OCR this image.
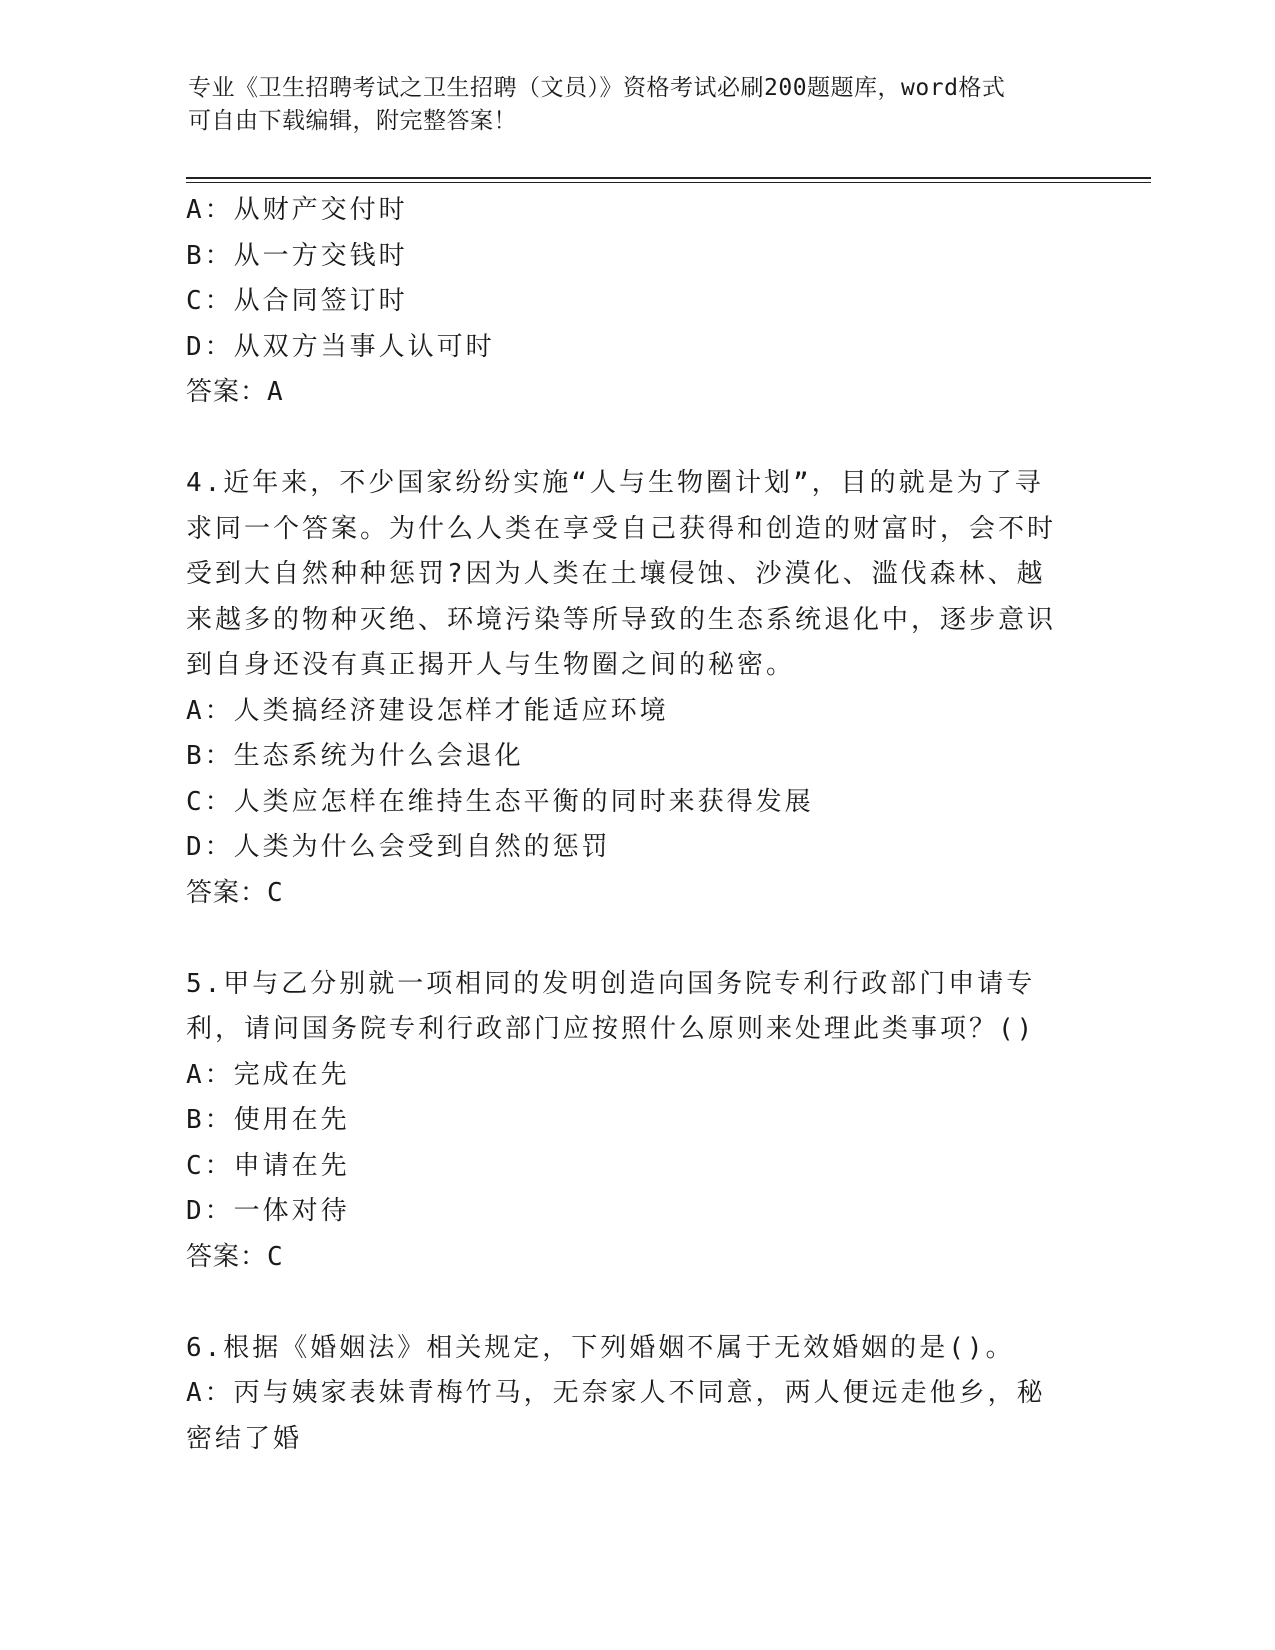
专业《卫生招聘考试之卫生招聘（文员）》资格考试必刷200题题库，word格式
可自由下载编辑，附完整答案！
A：从财产交付时
B：从一方交钱时
C：从合同签订时
D：从双方当事人认可时
答案：A
4.近年来，不少国家纷纷实施“人与生物圈计划”，目的就是为了寻求同一个答案。为什么人类在享受自己获得和创造的财富时，会不时受到大自然种种惩罚?因为人类在土壤侵蚀、沙漠化、滥伐森林、越来越多的物种灭绝、环境污染等所导致的生态系统退化中，逐步意识到自身还没有真正揭开人与生物圈之间的秘密。
A：人类搞经济建设怎样才能适应环境
B：生态系统为什么会退化
C：人类应怎样在维持生态平衡的同时来获得发展
D：人类为什么会受到自然的惩罚
答案：C
5.甲与乙分别就一项相同的发明创造向国务院专利行政部门申请专利，请问国务院专利行政部门应按照什么原则来处理此类事项？()
A：完成在先
B：使用在先
C：申请在先
D：一体对待
答案：C
6.根据《婚姻法》相关规定，下列婚姻不属于无效婚姻的是()。
A：丙与姨家表妹青梅竹马，无奈家人不同意，两人便远走他乡，秘密结了婚
